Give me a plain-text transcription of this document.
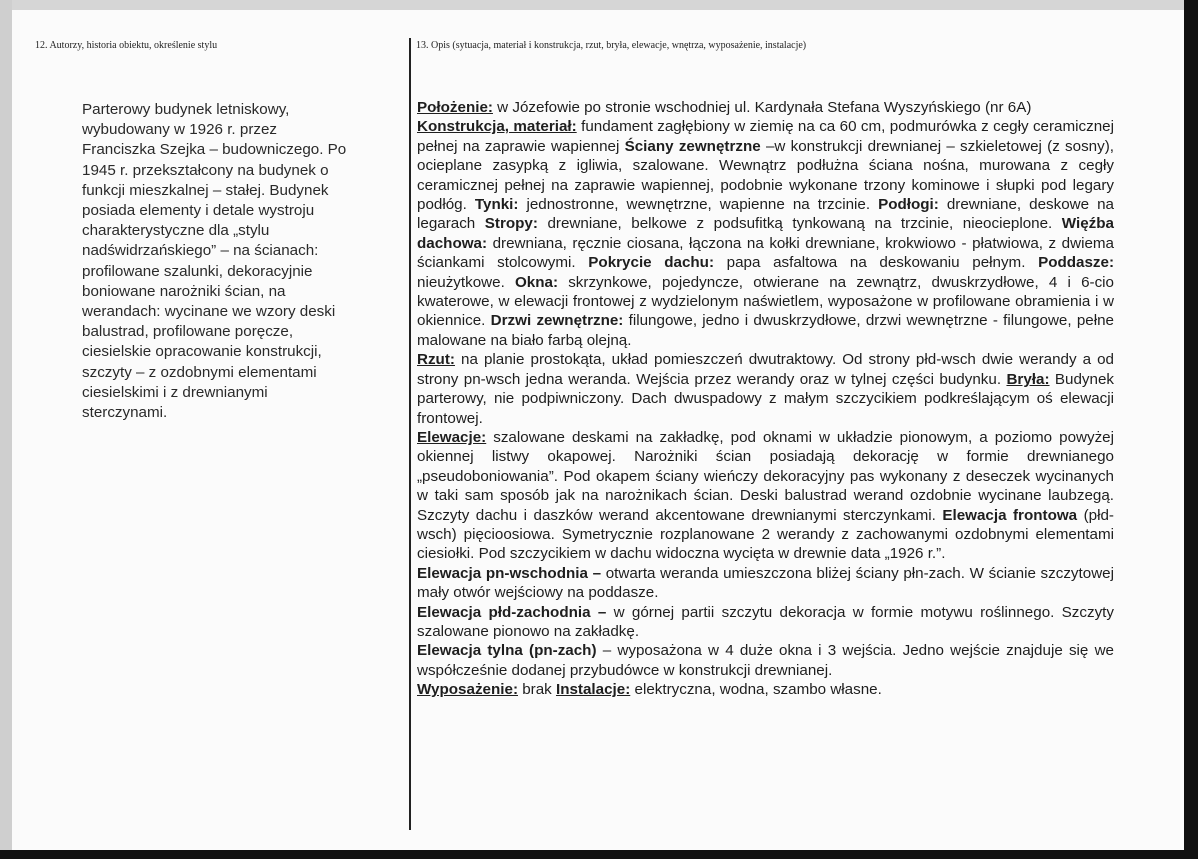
12. Autorzy, historia obiektu, określenie stylu	13. Opis (sytuacja, materiał i konstrukcja, rzut, bryła, elewacje, wnętrza, wyposażenie, instalacje)

Parterowy budynek letniskowy, wybudowany w 1926 r. przez Franciszka Szejka – budowniczego. Po 1945 r. przekształcony na budynek o funkcji mieszkalnej – stałej. Budynek posiada elementy i detale wystroju charakterystyczne dla „stylu nadświdrzańskiego” – na ścianach: profilowane szalunki, dekoracyjnie boniowane narożniki ścian, na werandach: wycinane we wzory deski balustrad, profilowane poręcze, ciesielskie opracowanie konstrukcji, szczyty – z ozdobnymi elementami ciesielskimi i z drewnianymi sterczynami.

Położenie: w Józefowie po stronie wschodniej ul. Kardynała Stefana Wyszyńskiego (nr 6A)

Konstrukcja, materiał: fundament zagłębiony w ziemię na ca 60 cm, podmurówka z cegły ceramicznej pełnej na zaprawie wapiennej Ściany zewnętrzne –w konstrukcji drewnianej – szkieletowej (z sosny), ocieplane zasypką z igliwia, szalowane. Wewnątrz podłużna ściana nośna, murowana z cegły ceramicznej pełnej na zaprawie wapiennej, podobnie wykonane trzony kominowe i słupki pod legary podłóg. Tynki: jednostronne, wewnętrzne, wapienne na trzcinie. Podłogi: drewniane, deskowe na legarach Stropy: drewniane, belkowe z podsufitką tynkowaną na trzcinie, nieocieplone. Więźba dachowa: drewniana, ręcznie ciosana, łączona na kołki drewniane, krokwiowo - płatwiowa, z dwiema ściankami stolcowymi. Pokrycie dachu: papa asfaltowa na deskowaniu pełnym. Poddasze: nieużytkowe. Okna: skrzynkowe, pojedyncze, otwierane na zewnątrz, dwuskrzydłowe, 4 i 6-cio kwaterowe, w elewacji frontowej z wydzielonym naświetlem, wyposażone w profilowane obramienia i w okiennice. Drzwi zewnętrzne: filungowe, jedno i dwuskrzydłowe, drzwi wewnętrzne - filungowe, pełne malowane na biało farbą olejną.

Rzut: na planie prostokąta, układ pomieszczeń dwutraktowy. Od strony płd-wsch dwie werandy a od strony pn-wsch jedna weranda. Wejścia przez werandy oraz w tylnej części budynku. Bryła: Budynek parterowy, nie podpiwniczony. Dach dwuspadowy z małym szczycikiem podkreślającym oś elewacji frontowej.

Elewacje: szalowane deskami na zakładkę, pod oknami w układzie pionowym, a poziomo powyżej okiennej listwy okapowej. Narożniki ścian posiadają dekorację w formie drewnianego „pseudoboniowania”. Pod okapem ściany wieńczy dekoracyjny pas wykonany z deseczek wycinanych w taki sam sposób jak na narożnikach ścian. Deski balustrad werand ozdobnie wycinane laubzegą. Szczyty dachu i daszków werand akcentowane drewnianymi sterczynkami. Elewacja frontowa (płd-wsch) pięcioosiowa. Symetrycznie rozplanowane 2 werandy z zachowanymi ozdobnymi elementami ciesiołki. Pod szczycikiem w dachu widoczna wycięta w drewnie data „1926 r.”.

Elewacja pn-wschodnia – otwarta weranda umieszczona bliżej ściany płn-zach. W ścianie szczytowej mały otwór wejściowy na poddasze.

Elewacja płd-zachodnia – w górnej partii szczytu dekoracja w formie motywu roślinnego. Szczyty szalowane pionowo na zakładkę.

Elewacja tylna (pn-zach) – wyposażona w 4 duże okna i 3 wejścia. Jedno wejście znajduje się we współcześnie dodanej przybudówce w konstrukcji drewnianej.

Wyposażenie: brak Instalacje: elektryczna, wodna, szambo własne.
